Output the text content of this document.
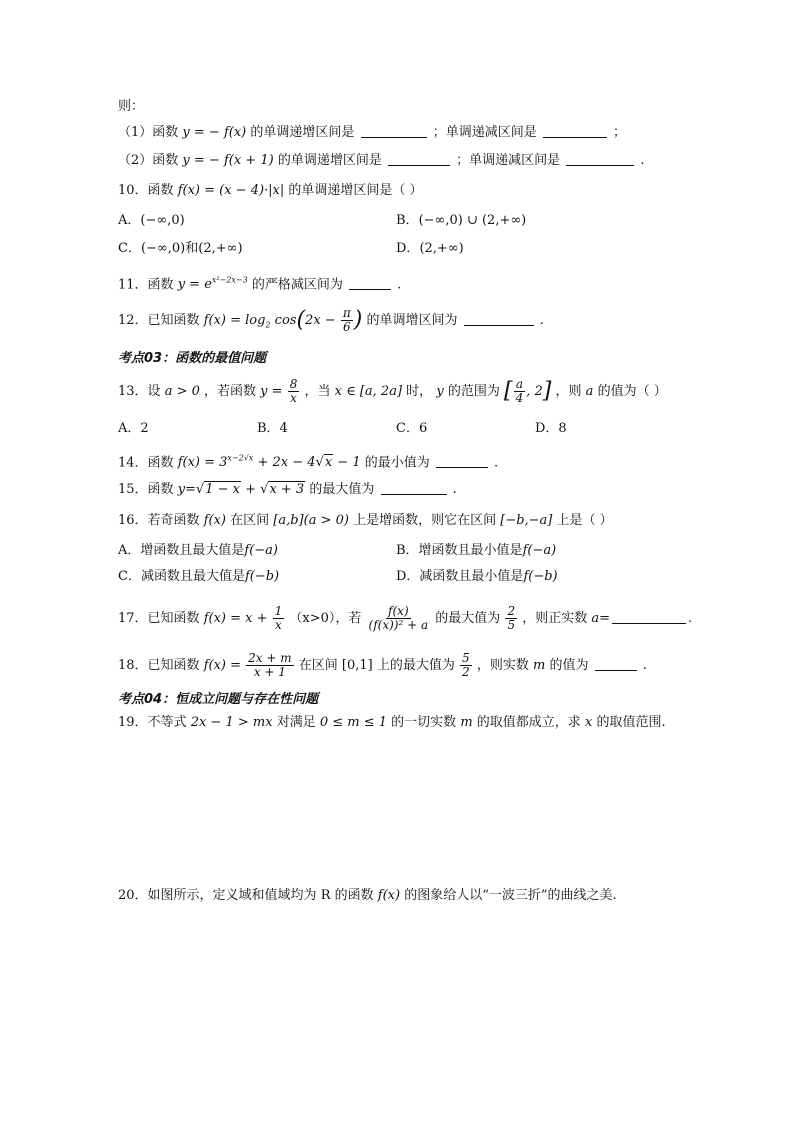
则：
（1）函数 y = − f(x) 的单调递增区间是	；单调递减区间是	；
（2）函数 y = − f(x + 1) 的单调递增区间是	；单调递减区间是	.
10．函数 f(x) = (x − 4)·|x| 的单调递增区间是（ ）
A．(−∞,0)	B．(−∞,0) ∪ (2,+∞)
C．(−∞,0)和(2,+∞)	D．(2,+∞)
11．函数 $y = e^{x^2-2x-3}$ 的严格减区间为	.
12．已知函数 $f(x) = \log_2 \cos(2x - \frac{\pi}{6}$ ) 的单调增区间为	.
考点03：函数的最值问题
13．设 a > 0 ，若函数 $y = \frac{8}{x}$ ，当 x ∈ [a, 2a] 时， y 的范围为 [ $\frac{a}{4}$ , 2] ，则 a 的值为（ ）
A．2	B．4	C．6	D．8
14．函数 $f(x) = 3^{x-2√x} + 2x - 4√x - 1$ 的最小值为	.
15．函数 y=√1 − x + √x + 3 的最大值为	.
16．若奇函数 f(x) 在区间 [a,b](a > 0) 上是增函数，则它在区间 [−b,−a] 上是（ ）
A．增函数且最大值是f(−a)	B．增函数且最小值是f(−a)
C．减函数且最大值是f(−b)	D．减函数且最小值是f(−b)
17．已知函数 $f(x) = x + \frac{1}{x} (x>0)$，若 $\frac{f(x)}{\text{(f(x))² + a}}$ 的最大值为 $\frac{2}{5}$ ，则正实数 a=	.
18．已知函数 $f(x) = \frac{2x + m}{x + 1}$ 在区间 [0,1] 上的最大值为 $\frac{5}{2}$ ，则实数 m 的值为	.
考点04：恒成立问题与存在性问题
19．不等式 2x − 1 > mx 对满足 0 ≤ m ≤ 1 的一切实数 m 的取值都成立，求 x 的取值范围.
20．如图所示，定义域和值域均为 R 的函数 f(x) 的图象给人以“一波三折”的曲线之美.
